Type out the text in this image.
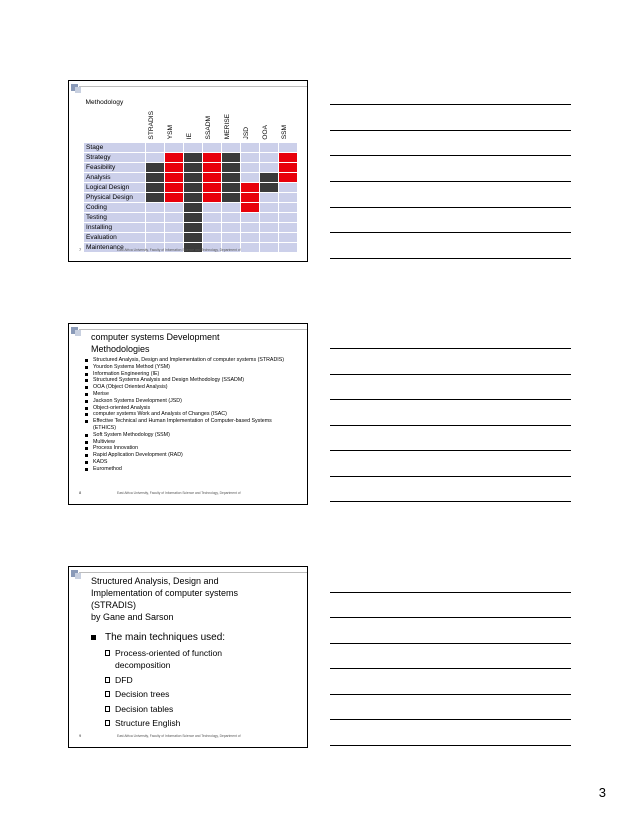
Methodology	STRADIS	YSM	IE	SSADM	MERISE	JSD	OOA	SSM

Stage								
Strategy								
Feasibility								
Analysis								
Logical Design								
Physical Design								
Coding								
Testing								
Installing								
Evaluation								
Maintenance								
7	East Africa University, Faculty of Information Science and Technology, Department of
computer systems Development
Methodologies
Structured Analysis, Design and Implementation of computer systems (STRADIS)
Yourdon Systems Method (YSM)
Information Engineering (IE)
Structured Systems Analysis and Design Methodology (SSADM)
OOA (Object Oriented Analysis)
Merise
Jackson Systems Development (JSD)
Object-oriented Analysis
computer systems Work and Analysis of Changes (ISAC)
Effective Technical and Human Implementation of Computer-based Systems (ETHICS)
Soft System Methodology (SSM)
Multiview
Process Innovation
Rapid Application Development (RAD)
KADS
Euromethod
8	East Africa University, Faculty of Information Science and Technology, Department of
Structured Analysis, Design and
Implementation of computer systems
(STRADIS)
by Gane and Sarson
The main techniques used:
Process-oriented of function decomposition
DFD
Decision trees
Decision tables
Structure English
9	East Africa University, Faculty of Information Science and Technology, Department of
3
